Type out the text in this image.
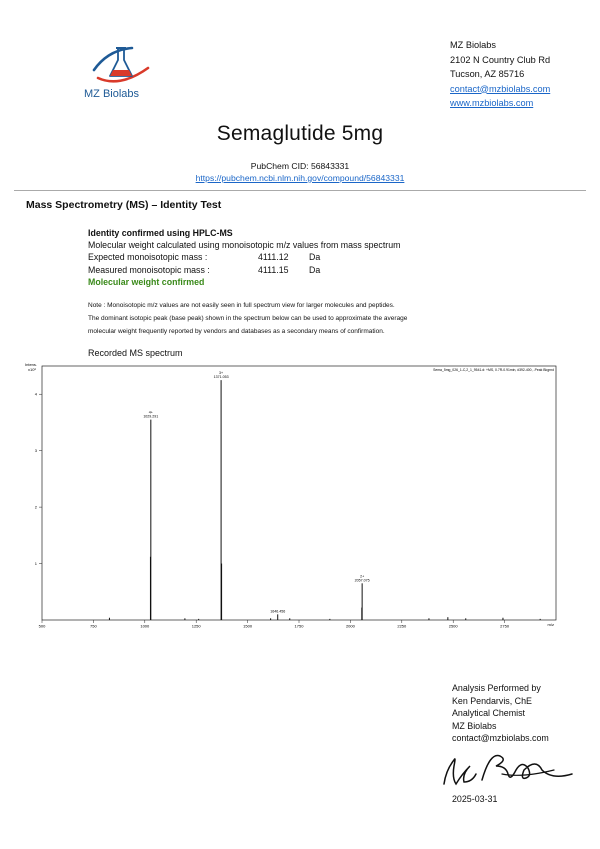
MZ Biolabs
MZ Biolabs
2102 N Country Club Rd
Tucson, AZ 85716
contact@mzbiolabs.com
www.mzbiolabs.com
Semaglutide 5mg
PubChem CID: 56843331
https://pubchem.ncbi.nlm.nih.gov/compound/56843331
Mass Spectrometry (MS) – Identity Test
Identity confirmed using HPLC-MS
Molecular weight calculated using monoisotopic m/z values from mass spectrum
Expected monoisotopic mass :	4111.12 Da
Measured monoisotopic mass :	4111.15 Da
Molecular weight confirmed
Note : Monoisotopic m/z values are not easily seen in full spectrum view for larger molecules and peptides.
The dominant isotopic peak (base peak) shown in the spectrum below can be used to approximate the average
molecular weight frequently reported by vendors and databases as a secondary means of confirmation.
Recorded MS spectrum
Intens.
x10⁶	Sema_5mg_026_1-C,2_1_9541.d: +MS, 0.7R-0.91min, #392-400, -Peak Bkgrnd
m/z
500	750	1000	1250	1500	1750	2000	2250	2500	2750
1
2
3
4
4+
1029.291
3+
1371.053
1646.456
2+
2057.075
Analysis Performed by
Ken Pendarvis, ChE
Analytical Chemist
MZ Biolabs
contact@mzbiolabs.com
2025-03-31
